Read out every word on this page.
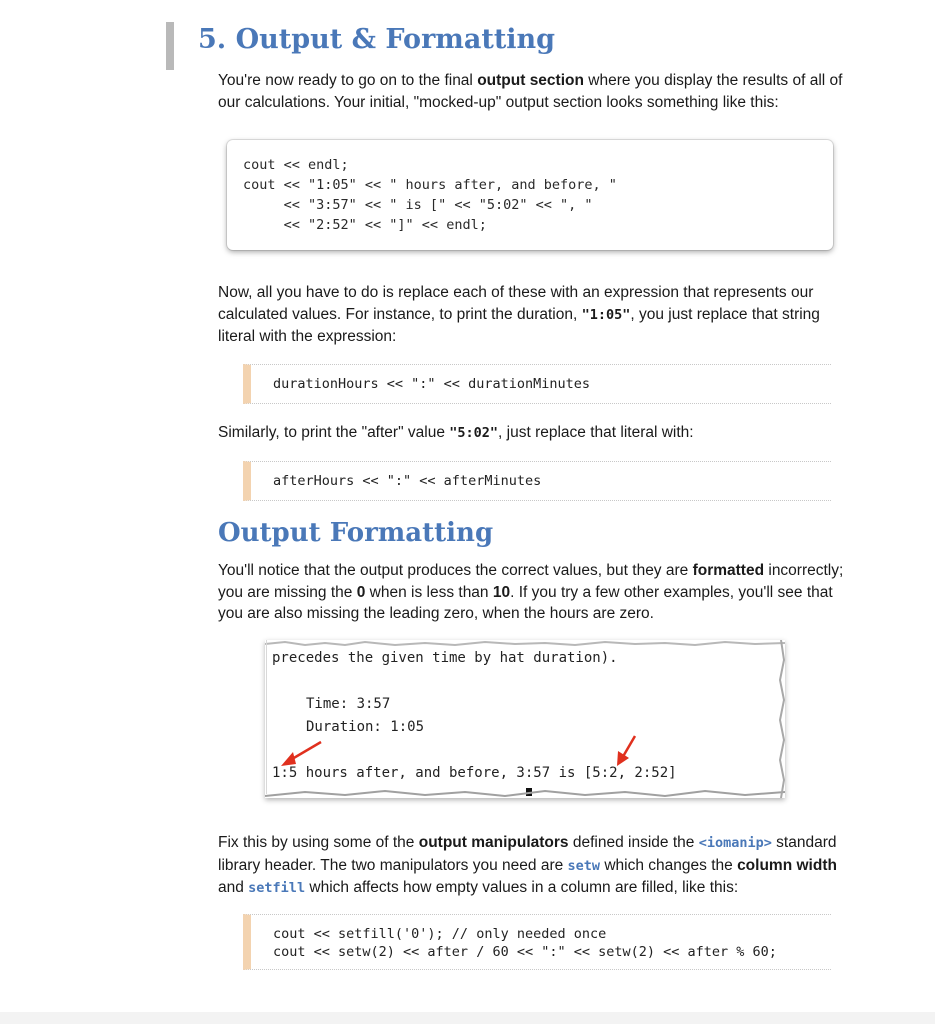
5. Output & Formatting
You're now ready to go on to the final output section where you display the results of all of our calculations. Your initial, "mocked-up" output section looks something like this:
cout << endl;
cout << "1:05" << " hours after, and before, "
<< "3:57" << " is [" << "5:02" << ", "
<< "2:52" << "]" << endl;
Now, all you have to do is replace each of these with an expression that represents our calculated values. For instance, to print the duration, "1:05", you just replace that string literal with the expression:
durationHours << ":" << durationMinutes
Similarly, to print the "after" value "5:02", just replace that literal with:
afterHours << ":" << afterMinutes
Output Formatting
You'll notice that the output produces the correct values, but they are formatted incorrectly; you are missing the 0 when is less than 10. If you try a few other examples, you'll see that you are also missing the leading zero, when the hours are zero.
precedes the given time by hat duration).
Time: 3:57
Duration: 1:05
1:5 hours after, and before, 3:57 is [5:2, 2:52]
Fix this by using some of the output manipulators defined inside the <iomanip> standard library header. The two manipulators you need are setw which changes the column width and setfill which affects how empty values in a column are filled, like this:
cout << setfill('0'); // only needed once
cout << setw(2) << after / 60 << ":" << setw(2) << after % 60;
